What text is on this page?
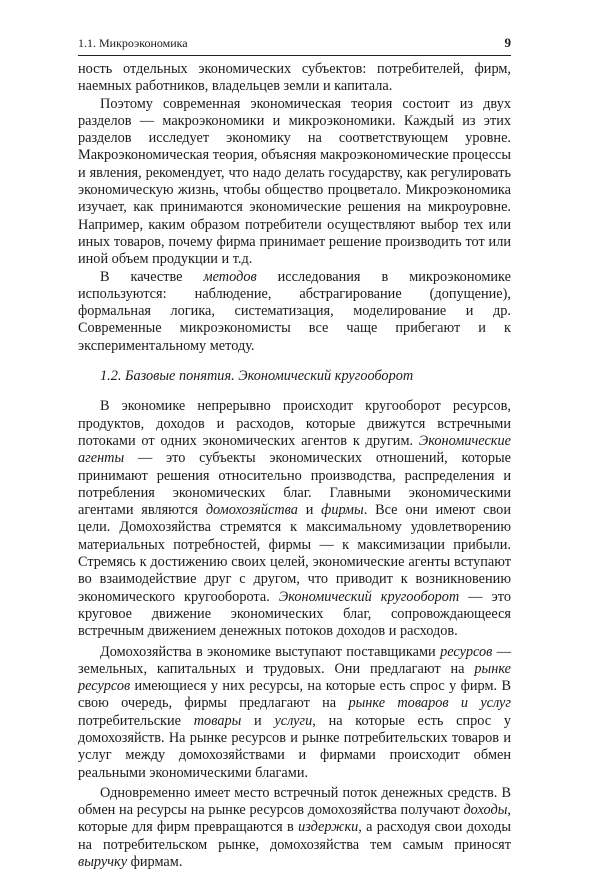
1.1. Микроэкономика	9

ность отдельных экономических субъектов: потребителей, фирм, наемных работников, владельцев земли и капитала.

Поэтому современная экономическая теория состоит из двух разделов — макроэкономики и микроэкономики. Каждый из этих разделов исследует экономику на соответствующем уровне. Макроэкономическая теория, объясняя макроэкономические процессы и явления, рекомендует, что надо делать государству, как регулировать экономическую жизнь, чтобы общество процветало. Микроэкономика изучает, как принимаются экономические решения на микроуровне. Например, каким образом потребители осуществляют выбор тех или иных товаров, почему фирма принимает решение производить тот или иной объем продукции и т.д.

В качестве методов исследования в микроэкономике используются: наблюдение, абстрагирование (допущение), формальная логика, систематизация, моделирование и др. Современные микроэкономисты все чаще прибегают и к экспериментальному методу.

1.2. Базовые понятия. Экономический кругооборот

В экономике непрерывно происходит кругооборот ресурсов, продуктов, доходов и расходов, которые движутся встречными потоками от одних экономических агентов к другим. Экономические агенты — это субъекты экономических отношений, которые принимают решения относительно производства, распределения и потребления экономических благ. Главными экономическими агентами являются домохозяйства и фирмы. Все они имеют свои цели. Домохозяйства стремятся к максимальному удовлетворению материальных потребностей, фирмы — к максимизации прибыли. Стремясь к достижению своих целей, экономические агенты вступают во взаимодействие друг с другом, что приводит к возникновению экономического кругооборота. Экономический кругооборот — это круговое движение экономических благ, сопровождающееся встречным движением денежных потоков доходов и расходов.

Домохозяйства в экономике выступают поставщиками ресурсов — земельных, капитальных и трудовых. Они предлагают на рынке ресурсов имеющиеся у них ресурсы, на которые есть спрос у фирм. В свою очередь, фирмы предлагают на рынке товаров и услуг потребительские товары и услуги, на которые есть спрос у домохозяйств. На рынке ресурсов и рынке потребительских товаров и услуг между домохозяйствами и фирмами происходит обмен реальными экономическими благами.

Одновременно имеет место встречный поток денежных средств. В обмен на ресурсы на рынке ресурсов домохозяйства получают доходы, которые для фирм превращаются в издержки, а расходуя свои доходы на потребительском рынке, домохозяйства тем самым приносят выручку фирмам.
